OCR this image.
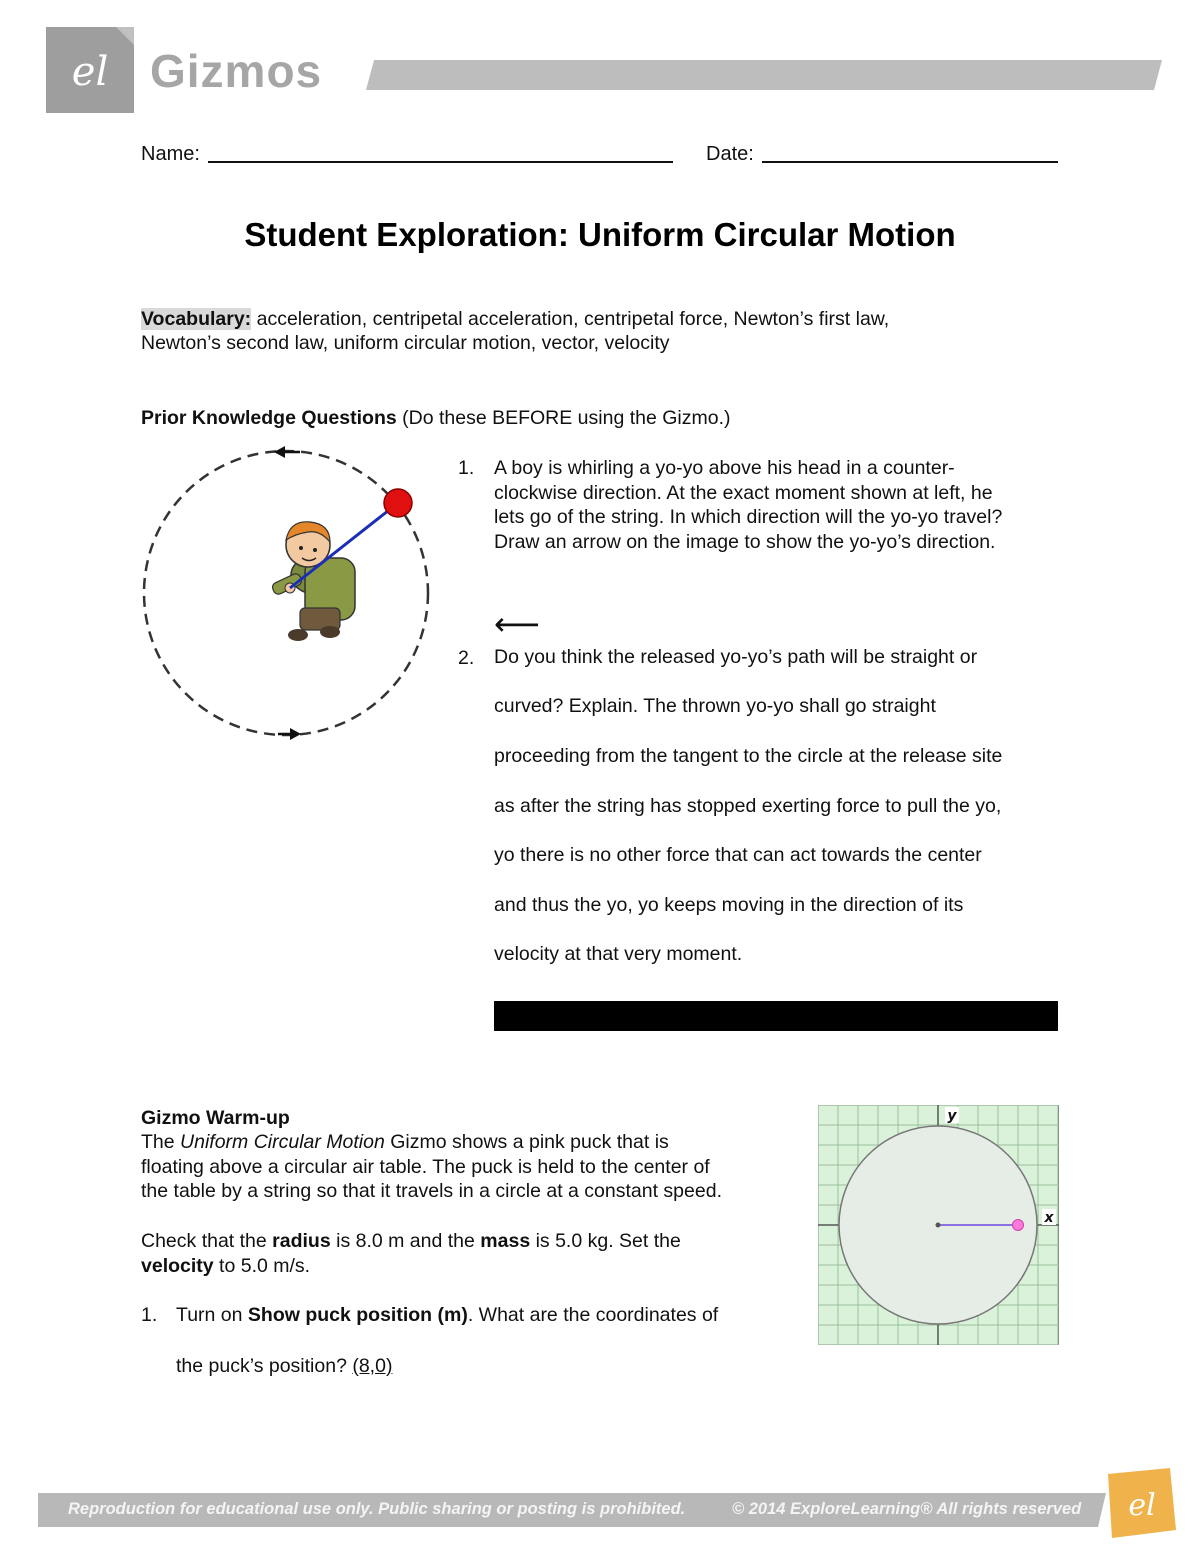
el Gizmos
Name:	Date:
Student Exploration: Uniform Circular Motion
Vocabulary: acceleration, centripetal acceleration, centripetal force, Newton’s first law,
Newton’s second law, uniform circular motion, vector, velocity
Prior Knowledge Questions (Do these BEFORE using the Gizmo.)
1. A boy is whirling a yo-yo above his head in a counter-
clockwise direction. At the exact moment shown at left, he
lets go of the string. In which direction will the yo-yo travel?
Draw an arrow on the image to show the yo-yo’s direction.
⟵
2. Do you think the released yo-yo’s path will be straight or
curved? Explain. The thrown yo-yo shall go straight
proceeding from the tangent to the circle at the release site
as after the string has stopped exerting force to pull the yo,
yo there is no other force that can act towards the center
and thus the yo, yo keeps moving in the direction of its
velocity at that very moment.
Gizmo Warm-up
The Uniform Circular Motion Gizmo shows a pink puck that is
floating above a circular air table. The puck is held to the center of
the table by a string so that it travels in a circle at a constant speed.
Check that the radius is 8.0 m and the mass is 5.0 kg. Set the
velocity to 5.0 m/s.
1. Turn on Show puck position (m). What are the coordinates of
the puck’s position? (8,0)
y
x
Reproduction for educational use only. Public sharing or posting is prohibited.	© 2014 ExploreLearning® All rights reserved el
